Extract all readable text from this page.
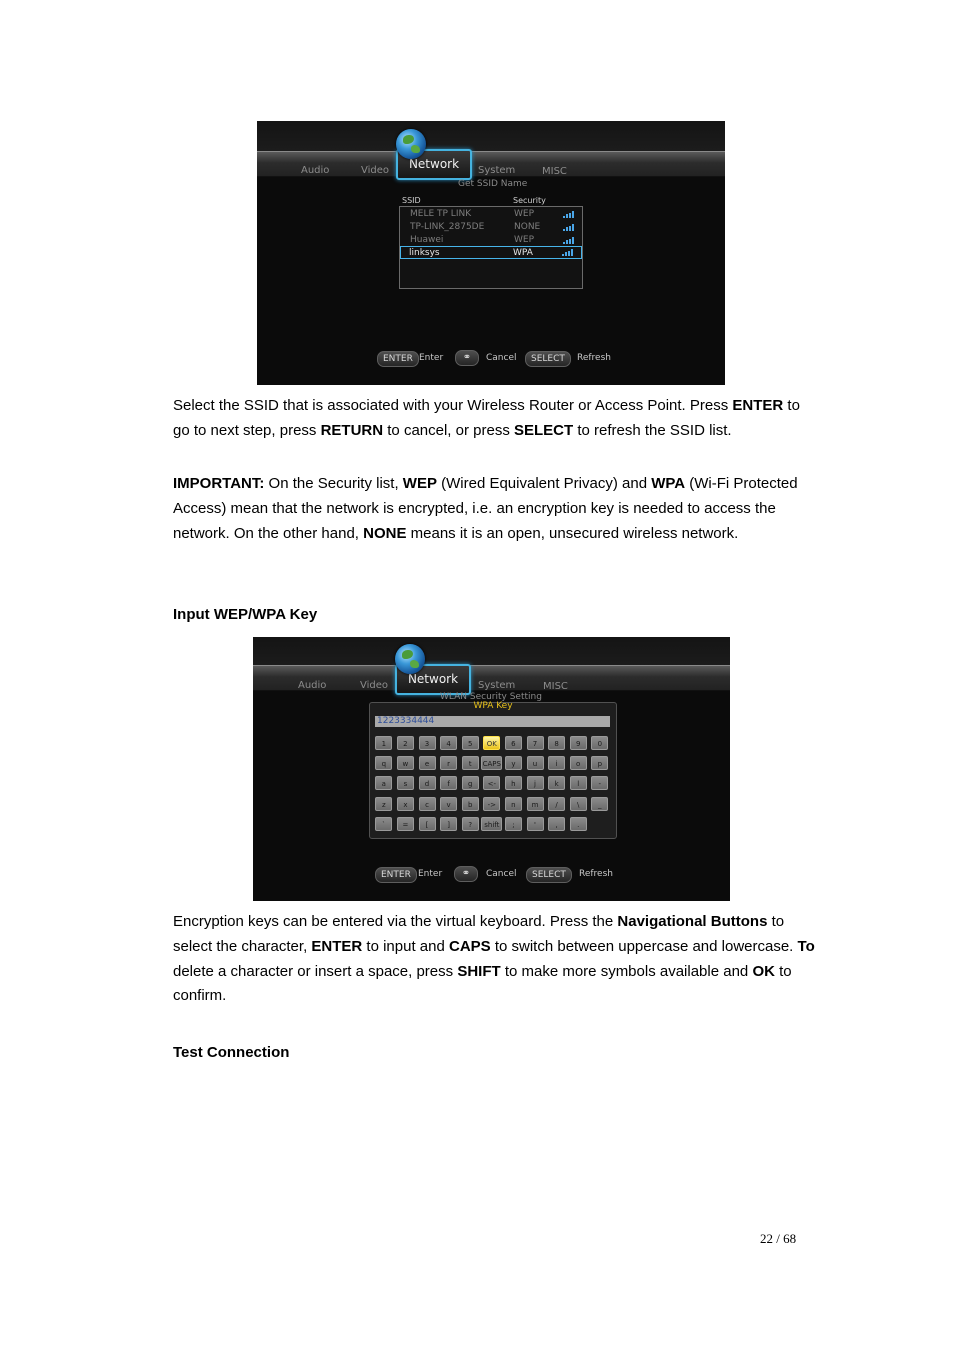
Audio	Video	Network	System	MISC
Get SSID Name
SSID	Security
MELE TP LINK	WEP
TP-LINK_2875DE	NONE
Huawei	WEP
linksys	WPA
ENTER Enter	⚭	Cancel	SELECT	Refresh
Select the SSID that is associated with your Wireless Router or Access Point. Press ENTER to go to next step, press RETURN to cancel, or press SELECT to refresh the SSID list.
IMPORTANT: On the Security list, WEP (Wired Equivalent Privacy) and WPA (Wi-Fi Protected Access) mean that the network is encrypted, i.e. an encryption key is needed to access the network. On the other hand, NONE means it is an open, unsecured wireless network.
Input WEP/WPA Key
Audio	Video	Network	System	MISC
WLAN Security Setting
WPA Key
1223334444
1	2	3	4	5	OK	6	7	8	9	0
q	w	e	r	t	CAPS	y	u	i	o	p
a	s	d	f	g	<-	h	j	k	l	-
z	x	c	v	b	->	n	m	/	\	_
`	=	[	]	?	shift	;	'	,	.
ENTER Enter	⚭	Cancel	SELECT	Refresh
Encryption keys can be entered via the virtual keyboard. Press the Navigational Buttons to select the character, ENTER to input and CAPS to switch between uppercase and lowercase. To delete a character or insert a space, press SHIFT to make more symbols available and OK to confirm.
Test Connection
22 / 68
